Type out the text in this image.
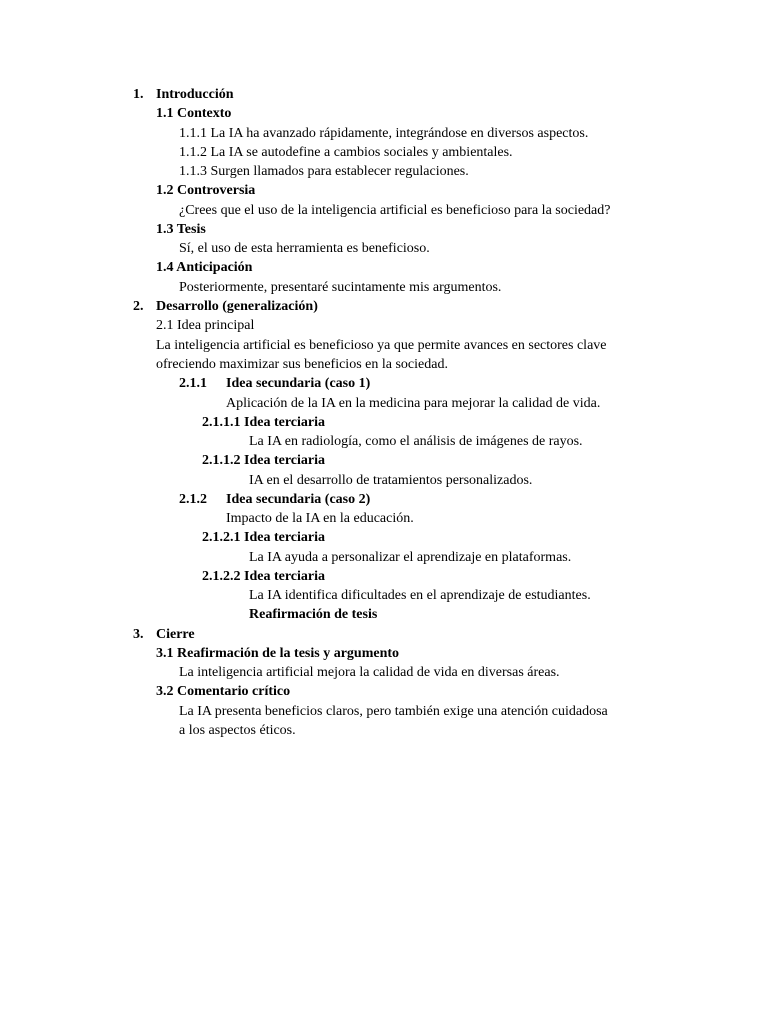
1. Introducción
1.1 Contexto
1.1.1 La IA ha avanzado rápidamente, integrándose en diversos aspectos.
1.1.2 La IA se autodefine a cambios sociales y ambientales.
1.1.3 Surgen llamados para establecer regulaciones.
1.2 Controversia
¿Crees que el uso de la inteligencia artificial es beneficioso para la sociedad?
1.3 Tesis
Sí, el uso de esta herramienta es beneficioso.
1.4 Anticipación
Posteriormente, presentaré sucintamente mis argumentos.
2. Desarrollo (generalización)
2.1 Idea principal
La inteligencia artificial es beneficioso ya que permite avances en sectores clave
ofreciendo maximizar sus beneficios en la sociedad.
2.1.1 Idea secundaria (caso 1)
Aplicación de la IA en la medicina para mejorar la calidad de vida.
2.1.1.1 Idea terciaria
La IA en radiología, como el análisis de imágenes de rayos.
2.1.1.2 Idea terciaria
IA en el desarrollo de tratamientos personalizados.
2.1.2 Idea secundaria (caso 2)
Impacto de la IA en la educación.
2.1.2.1 Idea terciaria
La IA ayuda a personalizar el aprendizaje en plataformas.
2.1.2.2 Idea terciaria
La IA identifica dificultades en el aprendizaje de estudiantes.
Reafirmación de tesis
3. Cierre
3.1 Reafirmación de la tesis y argumento
La inteligencia artificial mejora la calidad de vida en diversas áreas.
3.2 Comentario crítico
La IA presenta beneficios claros, pero también exige una atención cuidadosa
a los aspectos éticos.
